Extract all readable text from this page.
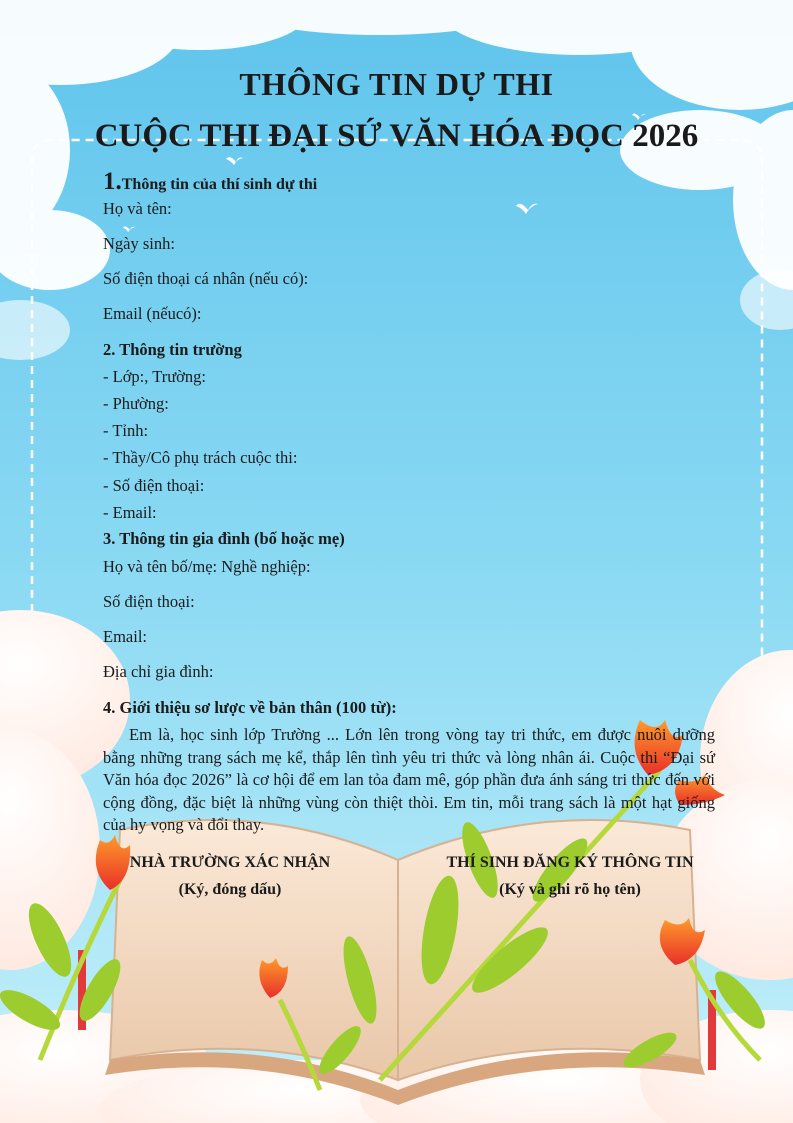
THÔNG TIN DỰ THI
CUỘC THI ĐẠI SỨ VĂN HÓA ĐỌC 2026
1.Thông tin của thí sinh dự thi
Họ và tên:
Ngày sinh:
Số điện thoại cá nhân (nếu có):
Email (nếucó):
2. Thông tin trường
- Lớp:, Trường:
- Phường:
- Tỉnh:
- Thầy/Cô phụ trách cuộc thi:
- Số điện thoại:
- Email:
3. Thông tin gia đình (bố hoặc mẹ)
Họ và tên bố/mẹ: Nghề nghiệp:
Số điện thoại:
Email:
Địa chỉ gia đình:
4. Giới thiệu sơ lược về bản thân (100 từ):
Em là, học sinh lớp Trường ... Lớn lên trong vòng tay tri thức, em được nuôi dưỡng bằng những trang sách mẹ kể, thắp lên tình yêu tri thức và lòng nhân ái. Cuộc thi “Đại sứ Văn hóa đọc 2026” là cơ hội để em lan tỏa đam mê, góp phần đưa ánh sáng tri thức đến với cộng đồng, đặc biệt là những vùng còn thiệt thòi. Em tin, mỗi trang sách là một hạt giống của hy vọng và đổi thay.
NHÀ TRƯỜNG XÁC NHẬN
(Ký, đóng dấu)
THÍ SINH ĐĂNG KÝ THÔNG TIN
(Ký và ghi rõ họ tên)
